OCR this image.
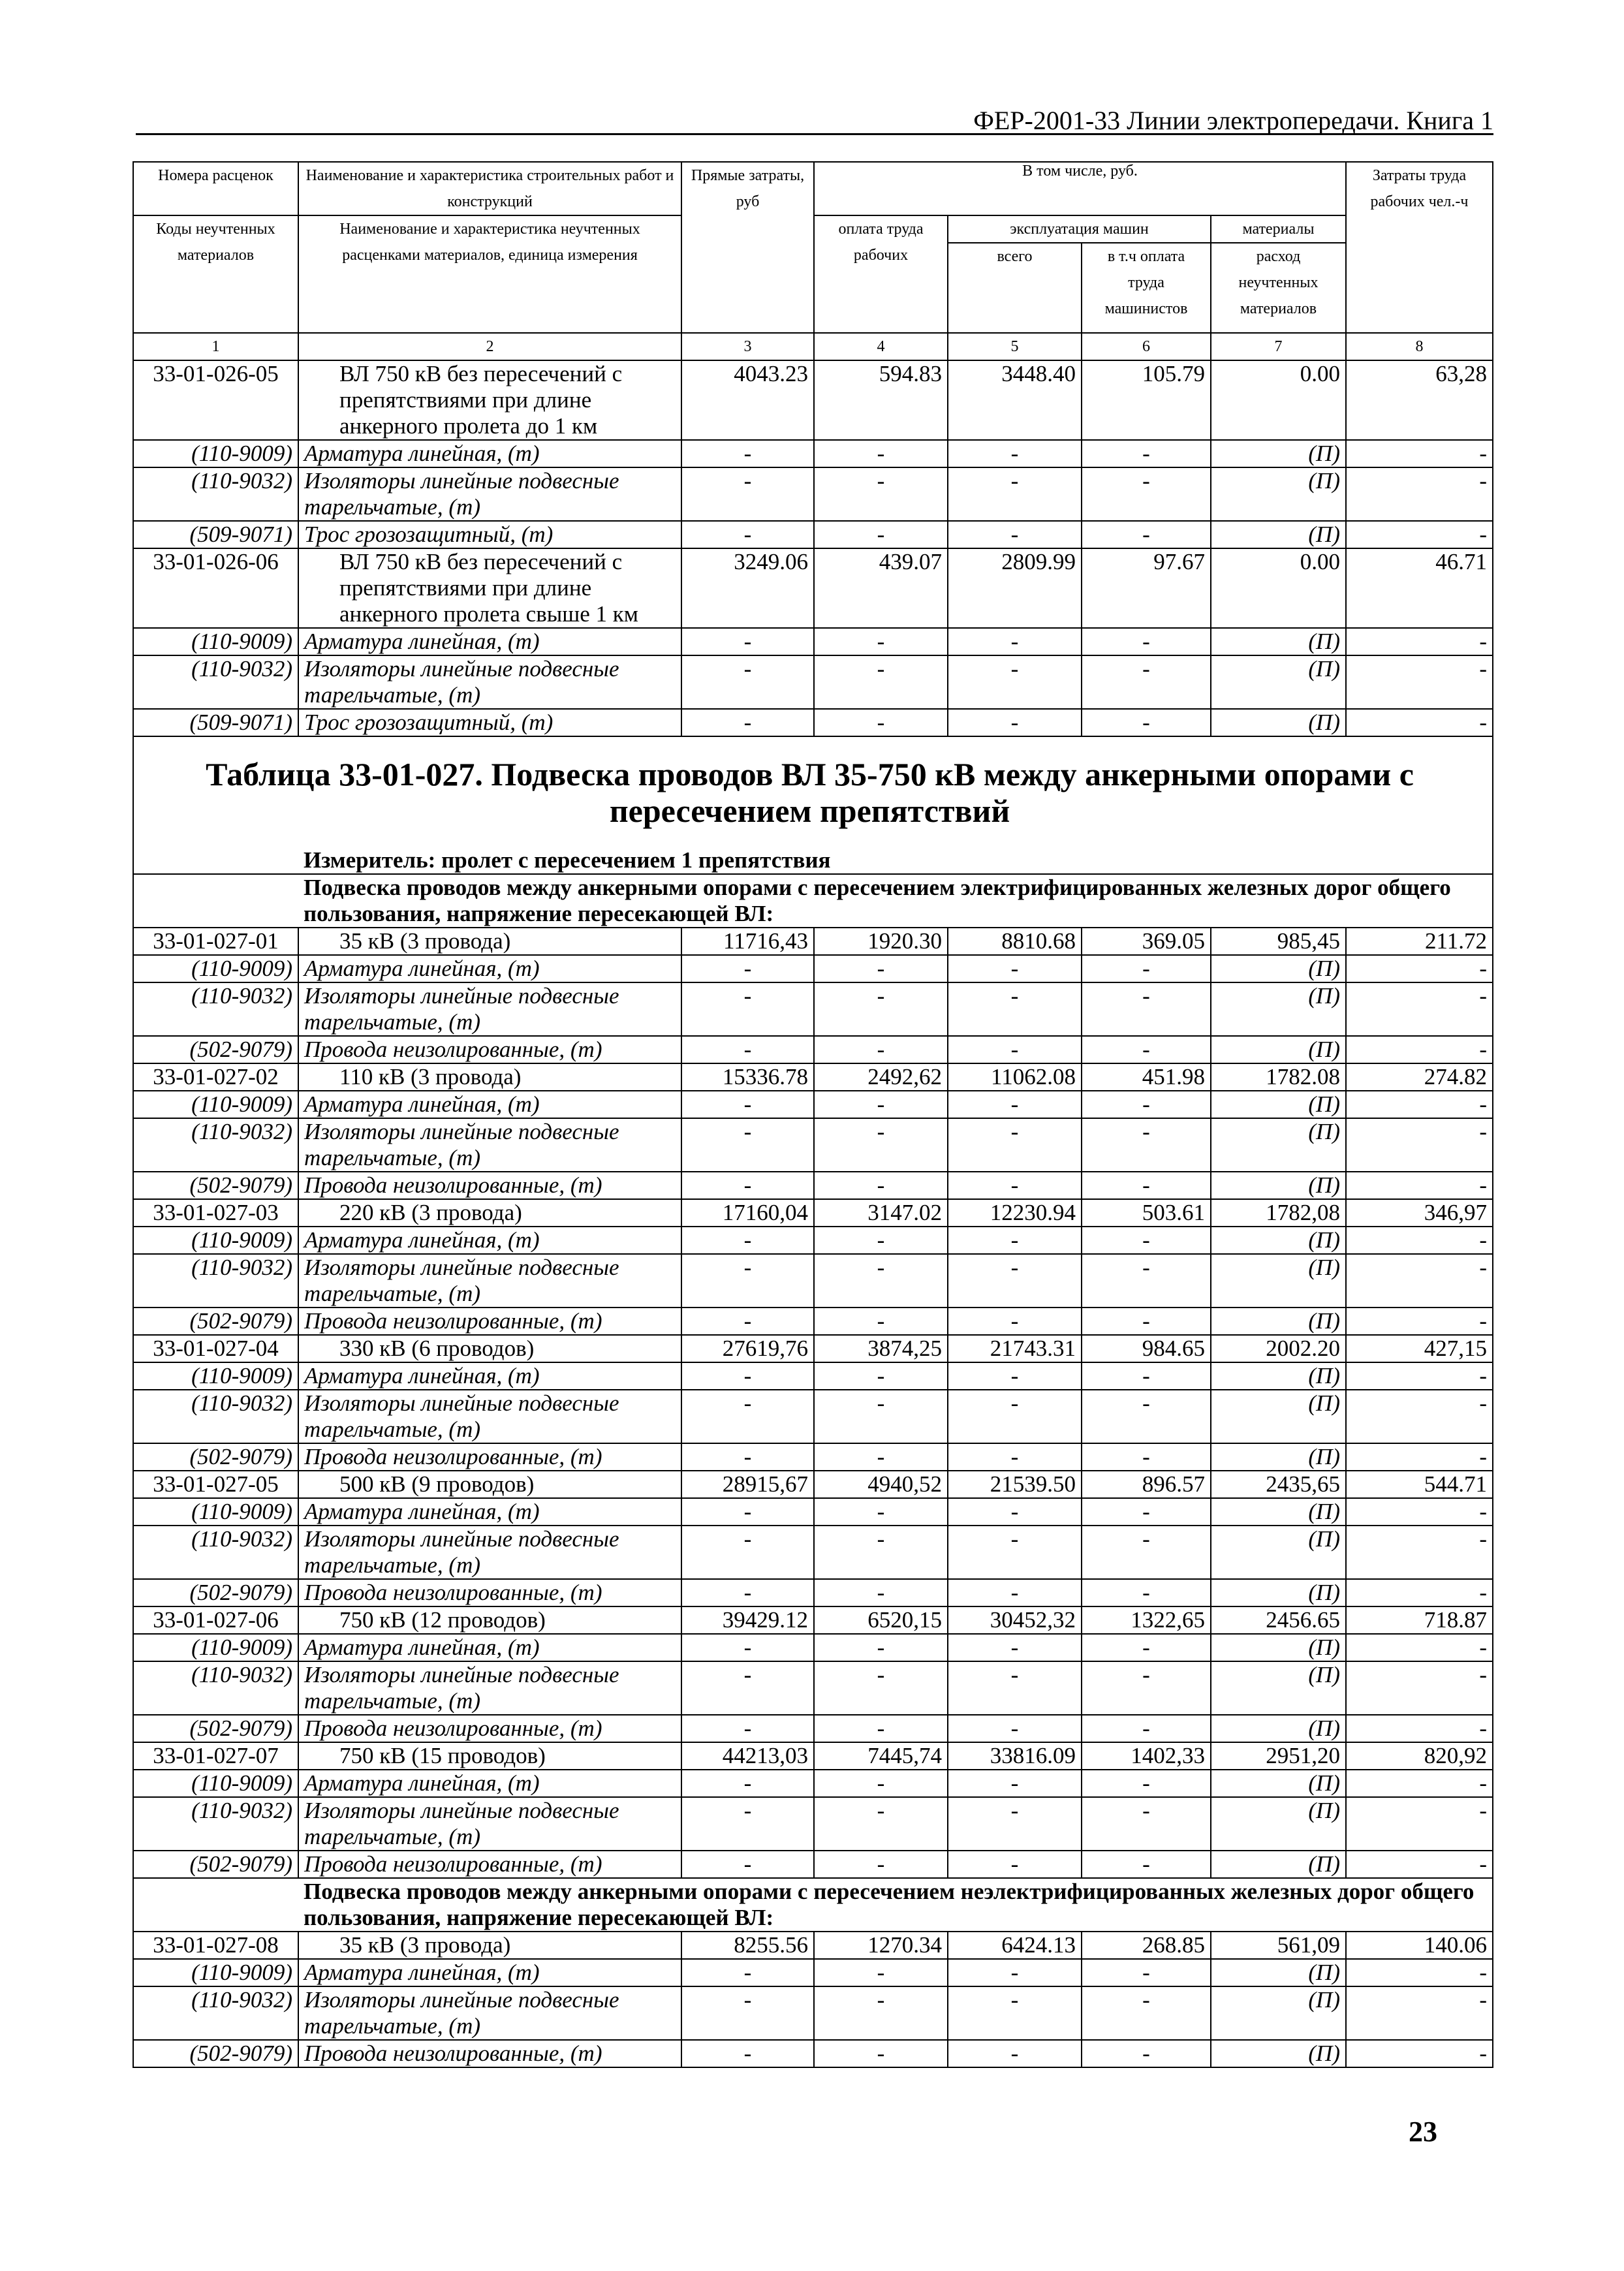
ФЕР-2001-33 Линии электропередачи. Книга 1
Номера расценок	Наименование и характеристика строительных работ и конструкций	Прямые затраты, руб	В том числе, руб.				Затраты труда рабочих чел.-ч
Коды неучтенных материалов	Наименование и характеристика неучтенных расценками материалов, единица измерения		оплата труда рабочих	эксплуатация машин		материалы	
				всего	в т.ч оплата труда машинистов	расход неучтенных материалов	
1	2	3	4	5	6	7	8
33-01-026-05	ВЛ 750 кВ без пересечений с препятствиями при длине анкерного пролета до 1 км	4043.23	594.83	3448.40	105.79	0.00	63,28
(110-9009)	Арматура линейная, (т)	-	-	-	-	(П)	-
(110-9032)	Изоляторы линейные подвесные тарельчатые, (т)	-	-	-	-	(П)	-
(509-9071)	Трос грозозащитный, (т)	-	-	-	-	(П)	-
33-01-026-06	ВЛ 750 кВ без пересечений с препятствиями при длине анкерного пролета свыше 1 км	3249.06	439.07	2809.99	97.67	0.00	46.71
(110-9009)	Арматура линейная, (т)	-	-	-	-	(П)	-
(110-9032)	Изоляторы линейные подвесные тарельчатые, (т)	-	-	-	-	(П)	-
(509-9071)	Трос грозозащитный, (т)	-	-	-	-	(П)	-
Таблица 33-01-027. Подвеска проводов ВЛ 35-750 кВ между анкерными опорами с пересечением препятствий							
Измеритель: пролет с пересечением 1 препятствия							
Подвеска проводов между анкерными опорами с пересечением электрифицированных железных дорог общего пользования, напряжение пересекающей ВЛ:							
33-01-027-01	35 кВ (3 провода)	11716,43	1920.30	8810.68	369.05	985,45	211.72
(110-9009)	Арматура линейная, (т)	-	-	-	-	(П)	-
(110-9032)	Изоляторы линейные подвесные тарельчатые, (т)	-	-	-	-	(П)	-
(502-9079)	Провода неизолированные, (т)	-	-	-	-	(П)	-
33-01-027-02	110 кВ (3 провода)	15336.78	2492,62	11062.08	451.98	1782.08	274.82
(110-9009)	Арматура линейная, (т)	-	-	-	-	(П)	-
(110-9032)	Изоляторы линейные подвесные тарельчатые, (т)	-	-	-	-	(П)	-
(502-9079)	Провода неизолированные, (т)	-	-	-	-	(П)	-
33-01-027-03	220 кВ (3 провода)	17160,04	3147.02	12230.94	503.61	1782,08	346,97
(110-9009)	Арматура линейная, (т)	-	-	-	-	(П)	-
(110-9032)	Изоляторы линейные подвесные тарельчатые, (т)	-	-	-	-	(П)	-
(502-9079)	Провода неизолированные, (т)	-	-	-	-	(П)	-
33-01-027-04	330 кВ (6 проводов)	27619,76	3874,25	21743.31	984.65	2002.20	427,15
(110-9009)	Арматура линейная, (т)	-	-	-	-	(П)	-
(110-9032)	Изоляторы линейные подвесные тарельчатые, (т)	-	-	-	-	(П)	-
(502-9079)	Провода неизолированные, (т)	-	-	-	-	(П)	-
33-01-027-05	500 кВ (9 проводов)	28915,67	4940,52	21539.50	896.57	2435,65	544.71
(110-9009)	Арматура линейная, (т)	-	-	-	-	(П)	-
(110-9032)	Изоляторы линейные подвесные тарельчатые, (т)	-	-	-	-	(П)	-
(502-9079)	Провода неизолированные, (т)	-	-	-	-	(П)	-
33-01-027-06	750 кВ (12 проводов)	39429.12	6520,15	30452,32	1322,65	2456.65	718.87
(110-9009)	Арматура линейная, (т)	-	-	-	-	(П)	-
(110-9032)	Изоляторы линейные подвесные тарельчатые, (т)	-	-	-	-	(П)	-
(502-9079)	Провода неизолированные, (т)	-	-	-	-	(П)	-
33-01-027-07	750 кВ (15 проводов)	44213,03	7445,74	33816.09	1402,33	2951,20	820,92
(110-9009)	Арматура линейная, (т)	-	-	-	-	(П)	-
(110-9032)	Изоляторы линейные подвесные тарельчатые, (т)	-	-	-	-	(П)	-
(502-9079)	Провода неизолированные, (т)	-	-	-	-	(П)	-
Подвеска проводов между анкерными опорами с пересечением неэлектрифицированных железных дорог общего пользования, напряжение пересекающей ВЛ:							
33-01-027-08	35 кВ (3 провода)	8255.56	1270.34	6424.13	268.85	561,09	140.06
(110-9009)	Арматура линейная, (т)	-	-	-	-	(П)	-
(110-9032)	Изоляторы линейные подвесные тарельчатые, (т)	-	-	-	-	(П)	-
(502-9079)	Провода неизолированные, (т)	-	-	-	-	(П)	-
23
